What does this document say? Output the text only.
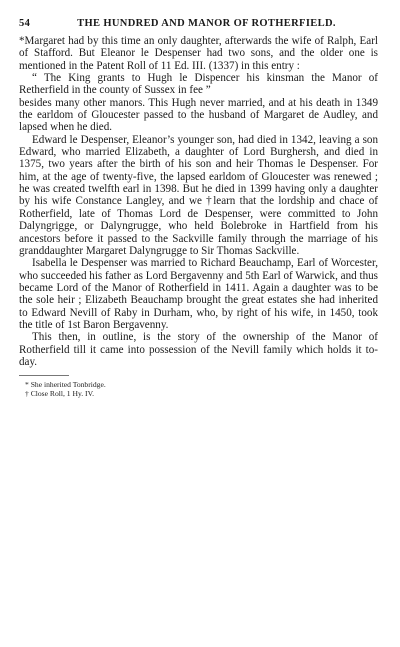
54	THE HUNDRED AND MANOR OF ROTHERFIELD.

*Margaret had by this time an only daughter, afterwards the wife of Ralph, Earl of Stafford. But Eleanor le Despenser had two sons, and the older one is mentioned in the Patent Roll of 11 Ed. III. (1337) in this entry :

“ The King grants to Hugh le Dispencer his kinsman the Manor of Retherfield in the county of Sussex in fee ”

besides many other manors. This Hugh never married, and at his death in 1349 the earldom of Gloucester passed to the husband of Margaret de Audley, and lapsed when he died.

Edward le Despenser, Eleanor’s younger son, had died in 1342, leaving a son Edward, who married Elizabeth, a daughter of Lord Burghersh, and died in 1375, two years after the birth of his son and heir Thomas le Despenser. For him, at the age of twenty-five, the lapsed earldom of Gloucester was renewed ; he was created twelfth earl in 1398. But he died in 1399 having only a daughter by his wife Constance Langley, and we †learn that the lordship and chace of Rotherfield, late of Thomas Lord de Despenser, were committed to John Dalyngrigge, or Dalyngrugge, who held Bolebroke in Hartfield from his ancestors before it passed to the Sackville family through the marriage of his granddaughter Margaret Dalyngrugge to Sir Thomas Sackville.

Isabella le Despenser was married to Richard Beauchamp, Earl of Worcester, who succeeded his father as Lord Bergavenny and 5th Earl of Warwick, and thus became Lord of the Manor of Rotherfield in 1411. Again a daughter was to be the sole heir ; Elizabeth Beauchamp brought the great estates she had inherited to Edward Nevill of Raby in Durham, who, by right of his wife, in 1450, took the title of 1st Baron Bergavenny.

This then, in outline, is the story of the ownership of the Manor of Rotherfield till it came into possession of the Nevill family which holds it to-day.

* She inherited Tonbridge.
† Close Roll, 1 Hy. IV.
